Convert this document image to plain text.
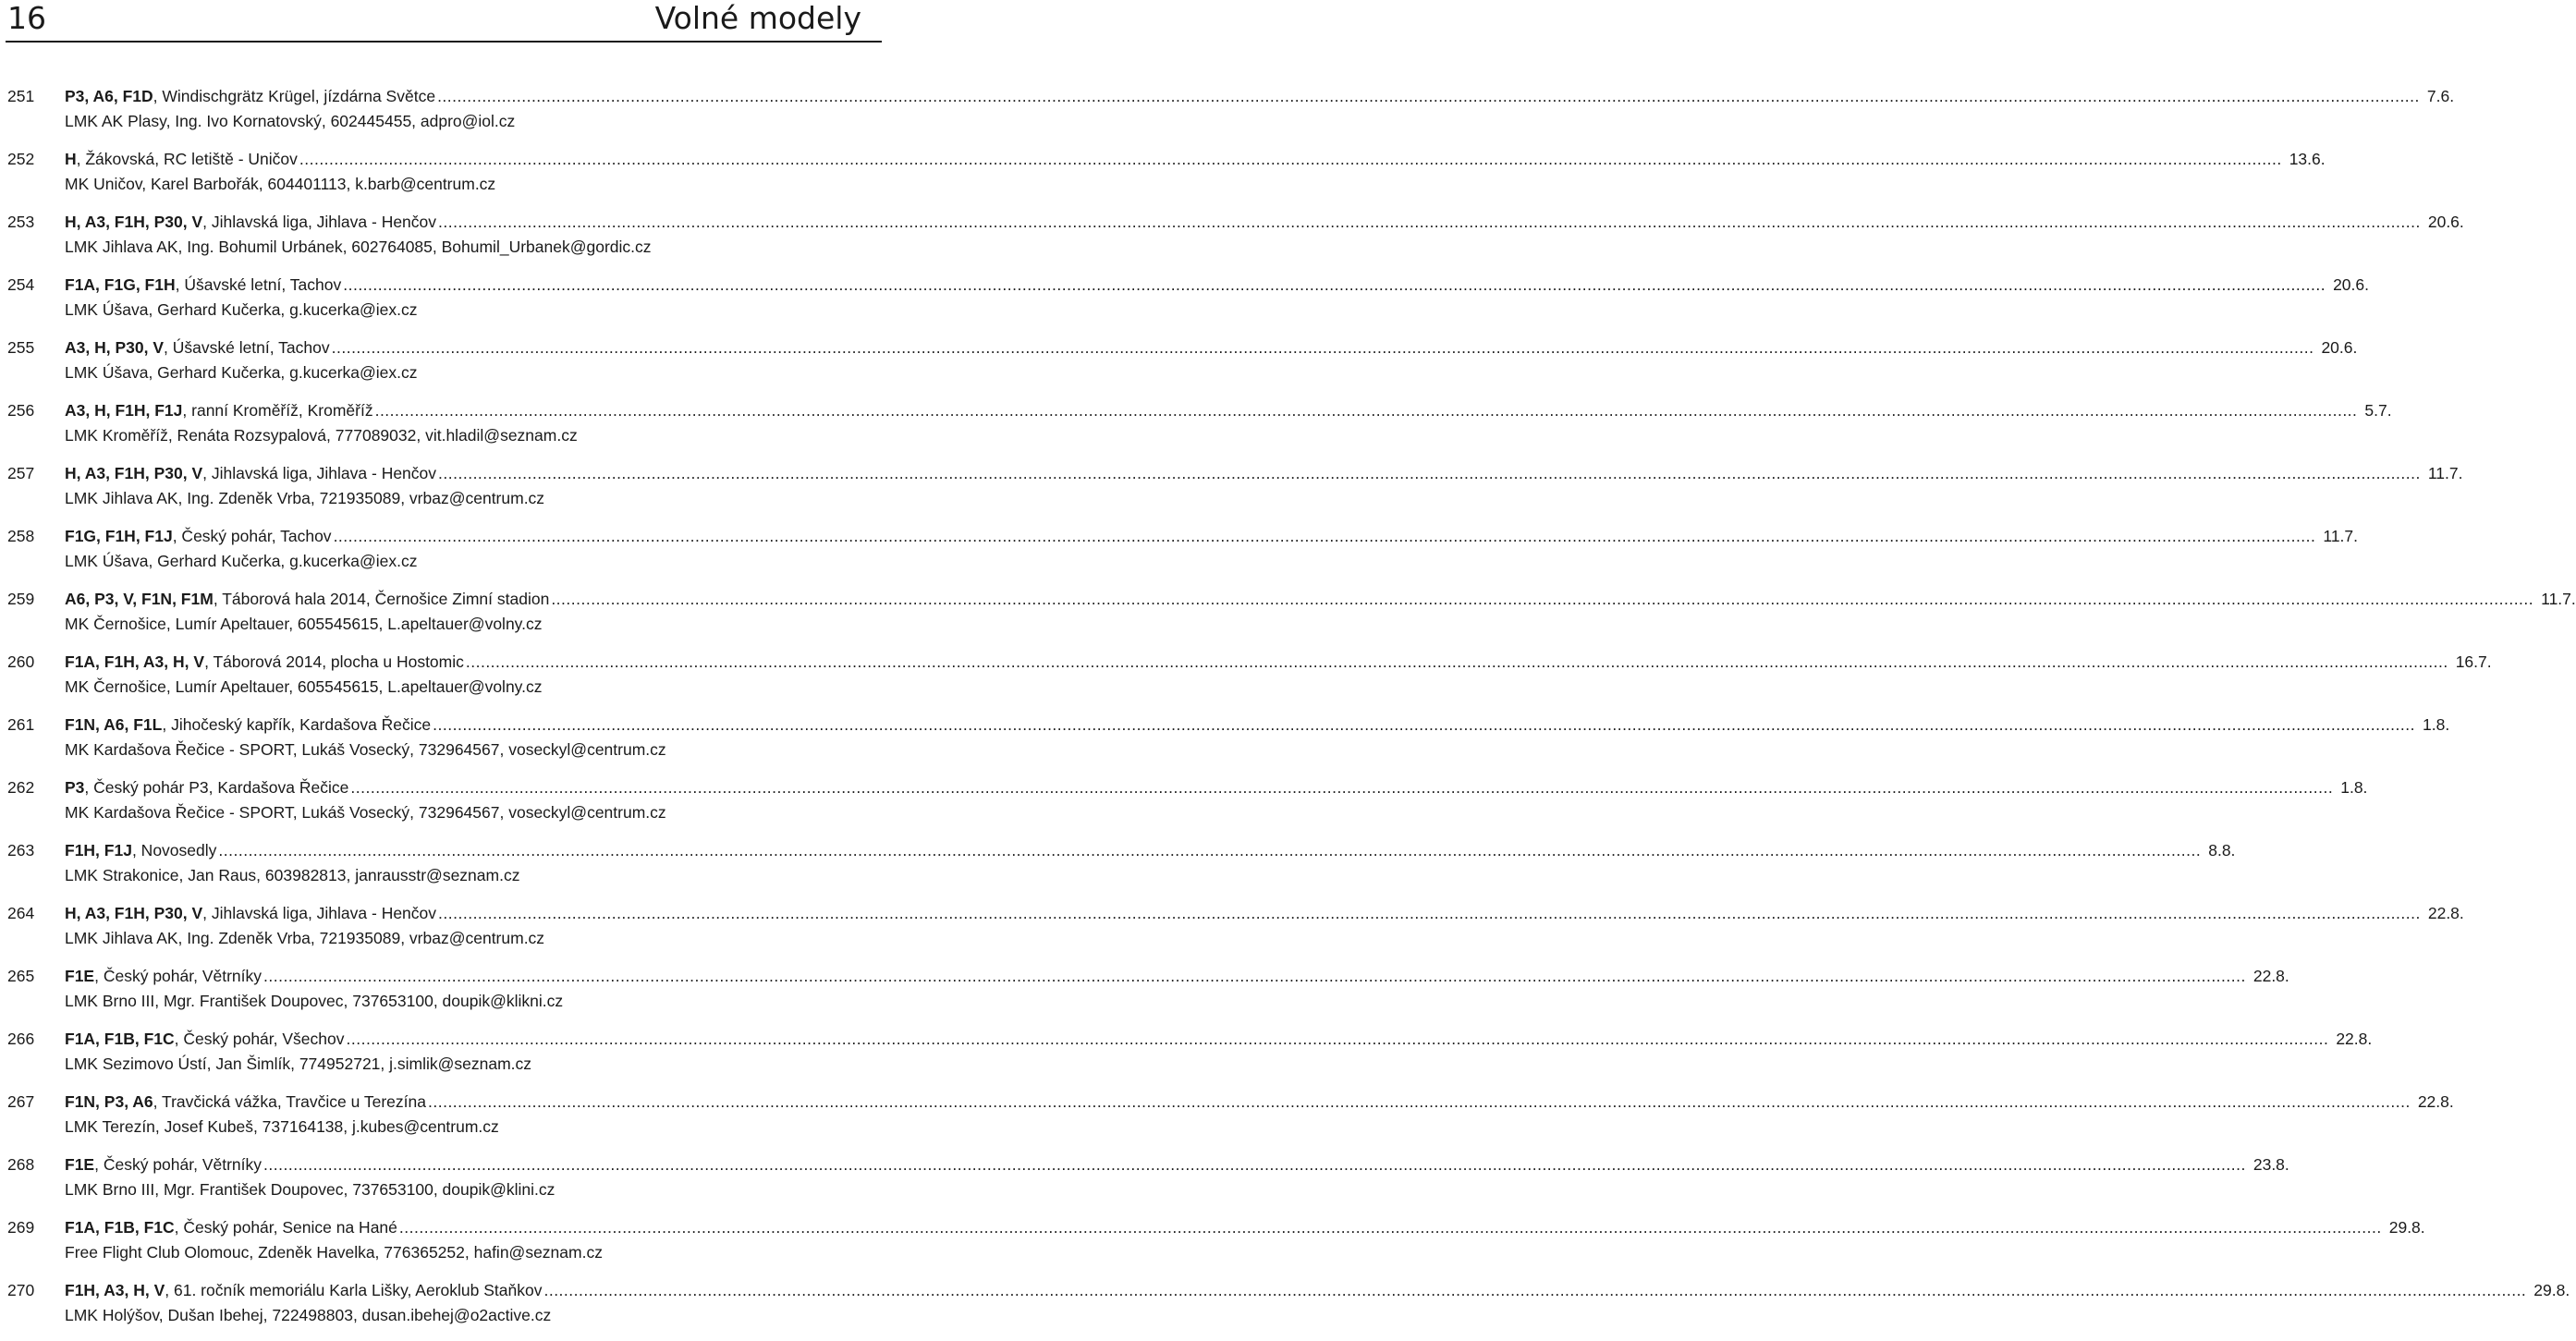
16	Volné modely
251	P3, A6, F1D, Windischgrätz Krügel, jízdárna Světce ................................................................................................................................................................................................................................................................................................................................................................................................................ 7.6.
LMK AK Plasy, Ing. Ivo Kornatovský, 602445455, adpro@iol.cz
252	H, Žákovská, RC letiště - Uničov ................................................................................................................................................................................................................................................................................................................................................................................................................ 13.6.
MK Uničov, Karel Barbořák, 604401113, k.barb@centrum.cz
253	H, A3, F1H, P30, V, Jihlavská liga, Jihlava - Henčov ................................................................................................................................................................................................................................................................................................................................................................................................................ 20.6.
LMK Jihlava AK, Ing. Bohumil Urbánek, 602764085, Bohumil_Urbanek@gordic.cz
254	F1A, F1G, F1H, Úšavské letní, Tachov ................................................................................................................................................................................................................................................................................................................................................................................................................ 20.6.
LMK Úšava, Gerhard Kučerka, g.kucerka@iex.cz
255	A3, H, P30, V, Úšavské letní, Tachov ................................................................................................................................................................................................................................................................................................................................................................................................................ 20.6.
LMK Úšava, Gerhard Kučerka, g.kucerka@iex.cz
256	A3, H, F1H, F1J, ranní Kroměříž, Kroměříž ................................................................................................................................................................................................................................................................................................................................................................................................................ 5.7.
LMK Kroměříž, Renáta Rozsypalová, 777089032, vit.hladil@seznam.cz
257	H, A3, F1H, P30, V, Jihlavská liga, Jihlava - Henčov ................................................................................................................................................................................................................................................................................................................................................................................................................ 11.7.
LMK Jihlava AK, Ing. Zdeněk Vrba, 721935089, vrbaz@centrum.cz
258	F1G, F1H, F1J, Český pohár, Tachov ................................................................................................................................................................................................................................................................................................................................................................................................................ 11.7.
LMK Úšava, Gerhard Kučerka, g.kucerka@iex.cz
259	A6, P3, V, F1N, F1M, Táborová hala 2014, Černošice Zimní stadion ................................................................................................................................................................................................................................................................................................................................................................................................................ 11.7.
MK Černošice, Lumír Apeltauer, 605545615, L.apeltauer@volny.cz
260	F1A, F1H, A3, H, V, Táborová 2014, plocha u Hostomic ................................................................................................................................................................................................................................................................................................................................................................................................................ 16.7.
MK Černošice, Lumír Apeltauer, 605545615, L.apeltauer@volny.cz
261	F1N, A6, F1L, Jihočeský kapřík, Kardašova Řečice ................................................................................................................................................................................................................................................................................................................................................................................................................ 1.8.
MK Kardašova Řečice - SPORT, Lukáš Vosecký, 732964567, voseckyl@centrum.cz
262	P3, Český pohár P3, Kardašova Řečice ................................................................................................................................................................................................................................................................................................................................................................................................................ 1.8.
MK Kardašova Řečice - SPORT, Lukáš Vosecký, 732964567, voseckyl@centrum.cz
263	F1H, F1J, Novosedly ................................................................................................................................................................................................................................................................................................................................................................................................................ 8.8.
LMK Strakonice, Jan Raus, 603982813, janrausstr@seznam.cz
264	H, A3, F1H, P30, V, Jihlavská liga, Jihlava - Henčov ................................................................................................................................................................................................................................................................................................................................................................................................................ 22.8.
LMK Jihlava AK, Ing. Zdeněk Vrba, 721935089, vrbaz@centrum.cz
265	F1E, Český pohár, Větrníky ................................................................................................................................................................................................................................................................................................................................................................................................................ 22.8.
LMK Brno III, Mgr. František Doupovec, 737653100, doupik@klikni.cz
266	F1A, F1B, F1C, Český pohár, Všechov ................................................................................................................................................................................................................................................................................................................................................................................................................ 22.8.
LMK Sezimovo Ústí, Jan Šimlík, 774952721, j.simlik@seznam.cz
267	F1N, P3, A6, Travčická vážka, Travčice u Terezína ................................................................................................................................................................................................................................................................................................................................................................................................................ 22.8.
LMK Terezín, Josef Kubeš, 737164138, j.kubes@centrum.cz
268	F1E, Český pohár, Větrníky ................................................................................................................................................................................................................................................................................................................................................................................................................ 23.8.
LMK Brno III, Mgr. František Doupovec, 737653100, doupik@klini.cz
269	F1A, F1B, F1C, Český pohár, Senice na Hané ................................................................................................................................................................................................................................................................................................................................................................................................................ 29.8.
Free Flight Club Olomouc, Zdeněk Havelka, 776365252, hafin@seznam.cz
270	F1H, A3, H, V, 61. ročník memoriálu Karla Lišky, Aeroklub Staňkov ................................................................................................................................................................................................................................................................................................................................................................................................................ 29.8.
LMK Holýšov, Dušan Ibehej, 722498803, dusan.ibehej@o2active.cz
